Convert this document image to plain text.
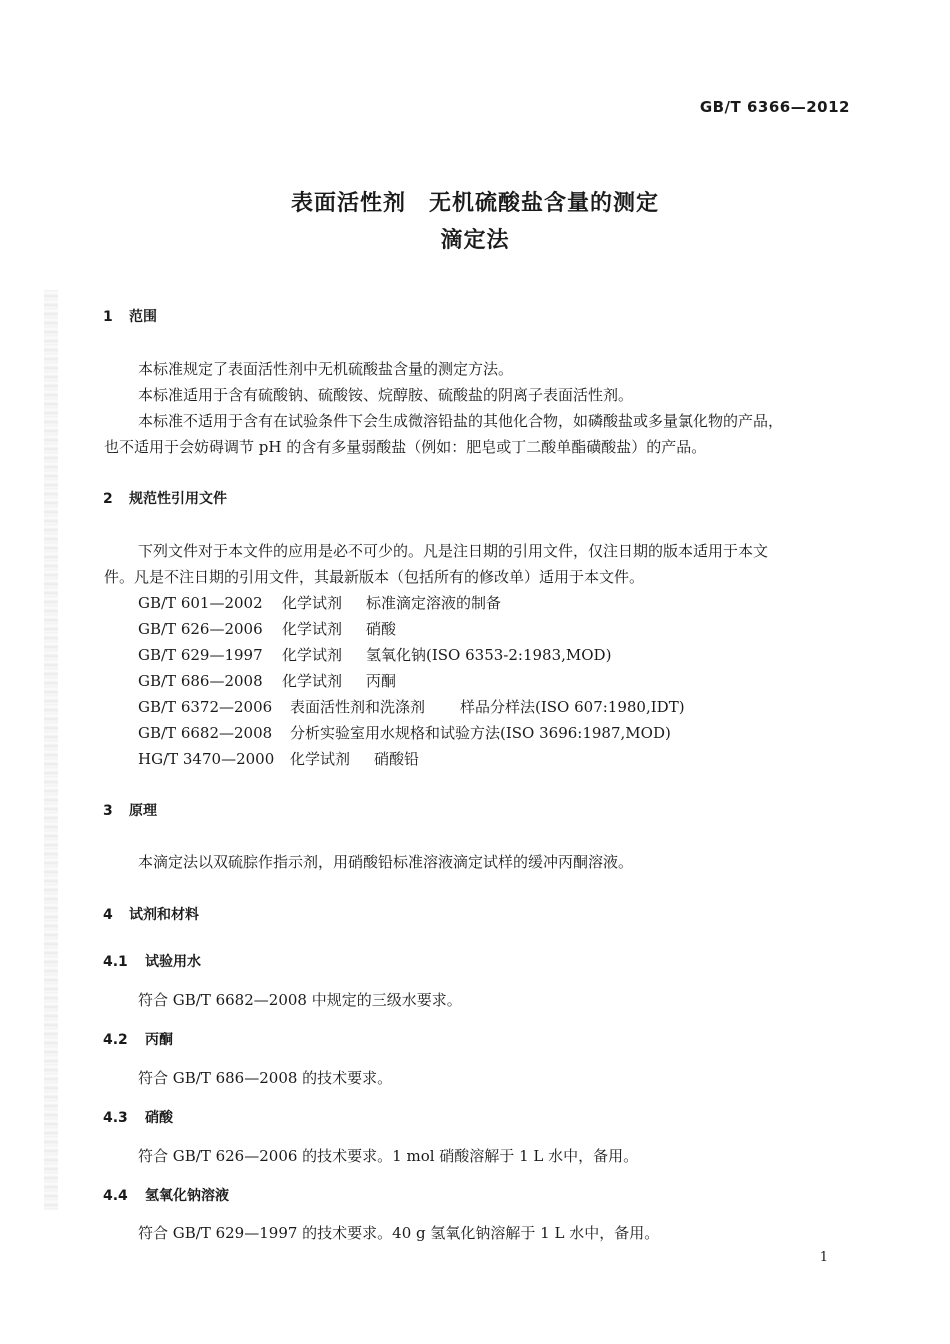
GB/T 6366—2012
表面活性剂　无机硫酸盐含量的测定
滴定法
1 范围
本标准规定了表面活性剂中无机硫酸盐含量的测定方法。
本标准适用于含有硫酸钠、硫酸铵、烷醇胺、硫酸盐的阴离子表面活性剂。
本标准不适用于含有在试验条件下会生成微溶铅盐的其他化合物，如磷酸盐或多量氯化物的产品，
也不适用于会妨碍调节 pH 的含有多量弱酸盐（例如：肥皂或丁二酸单酯磺酸盐）的产品。
2 规范性引用文件
下列文件对于本文件的应用是必不可少的。凡是注日期的引用文件，仅注日期的版本适用于本文
件。凡是不注日期的引用文件，其最新版本（包括所有的修改单）适用于本文件。
GB/T 601—2002 化学试剂 标准滴定溶液的制备
GB/T 626—2006 化学试剂 硝酸
GB/T 629—1997 化学试剂 氢氧化钠(ISO 6353-2:1983,MOD)
GB/T 686—2008 化学试剂 丙酮
GB/T 6372—2006 表面活性剂和洗涤剂 样品分样法(ISO 607:1980,IDT)
GB/T 6682—2008 分析实验室用水规格和试验方法(ISO 3696:1987,MOD)
HG/T 3470—2000 化学试剂 硝酸铅
3 原理
本滴定法以双硫腙作指示剂，用硝酸铅标准溶液滴定试样的缓冲丙酮溶液。
4 试剂和材料
4.1 试验用水
符合 GB/T 6682—2008 中规定的三级水要求。
4.2 丙酮
符合 GB/T 686—2008 的技术要求。
4.3 硝酸
符合 GB/T 626—2006 的技术要求。1 mol 硝酸溶解于 1 L 水中，备用。
4.4 氢氧化钠溶液
符合 GB/T 629—1997 的技术要求。40 g 氢氧化钠溶解于 1 L 水中，备用。
1
